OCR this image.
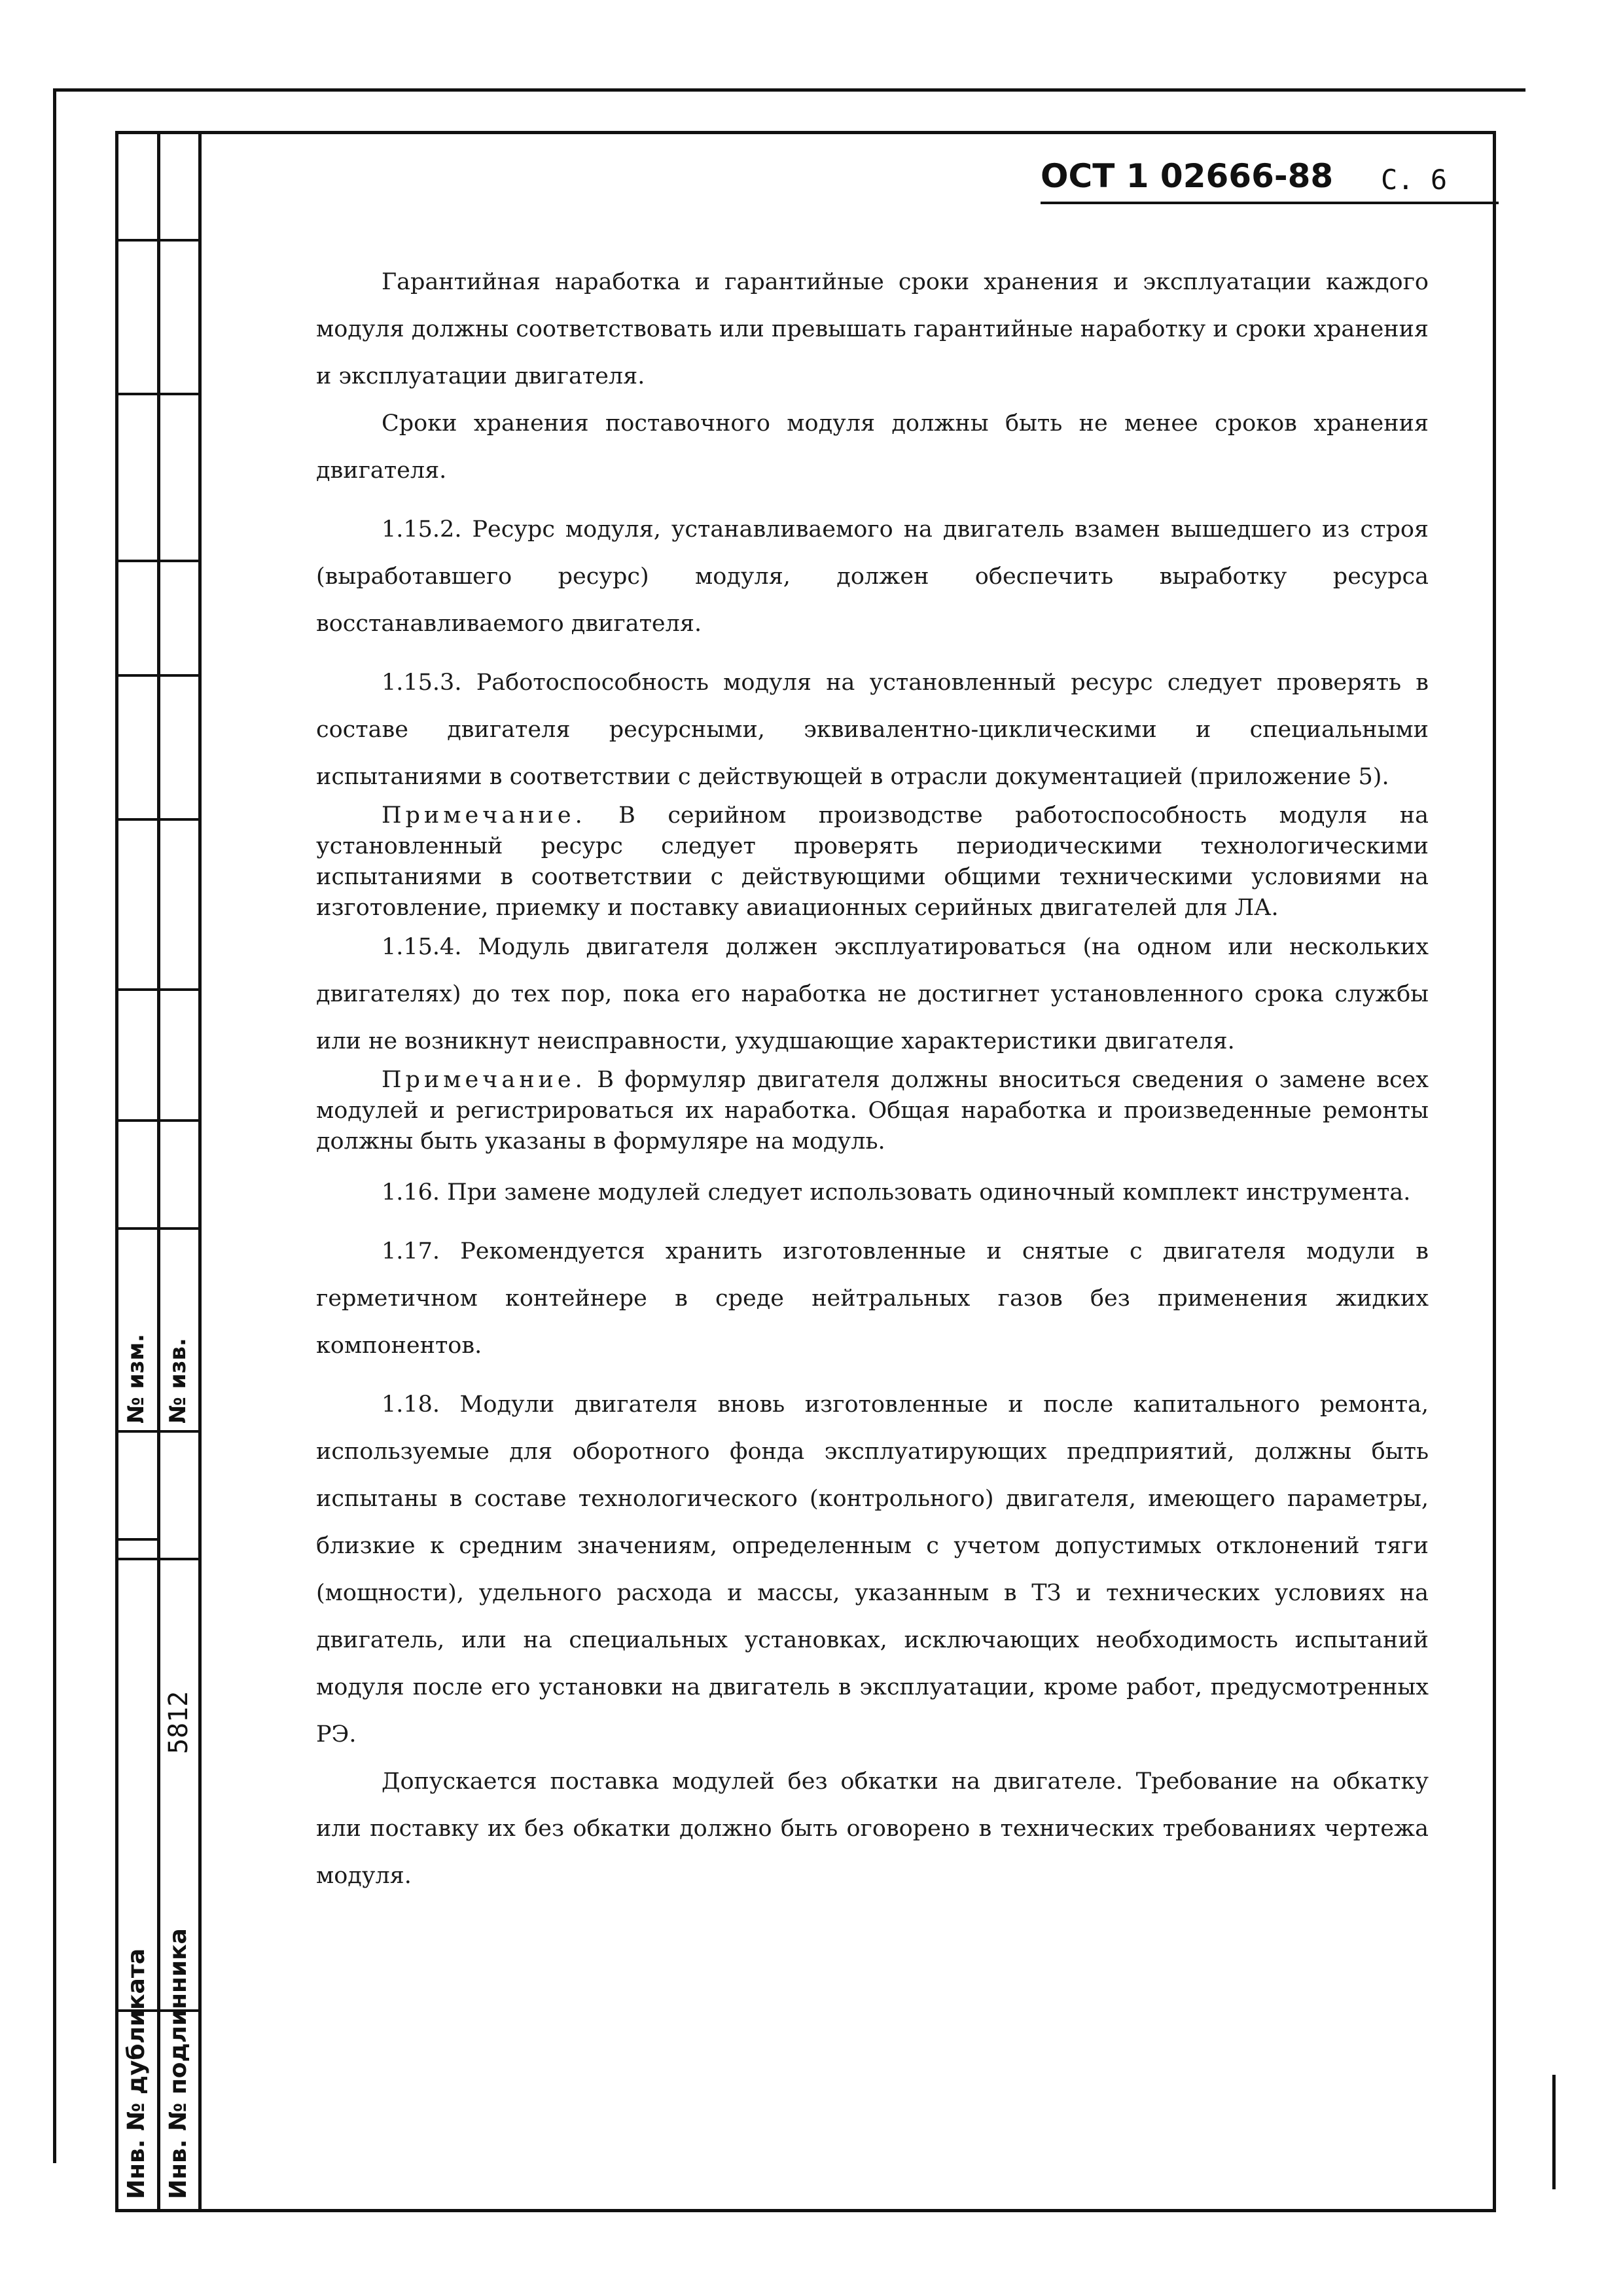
№ изм. № изв.
5812
Инв. № дубликата Инв. № подлинника
ОСТ 1 02666-88 С. 6

Гарантийная наработка и гарантийные сроки хранения и эксплуатации каждого модуля должны соответствовать или превышать гарантийные наработку и сроки хранения и эксплуатации двигателя.

Сроки хранения поставочного модуля должны быть не менее сроков хранения двигателя.

1.15.2. Ресурс модуля, устанавливаемого на двигатель взамен вышедшего из строя (выработавшего ресурс) модуля, должен обеспечить выработку ресурса восстанавливаемого двигателя.

1.15.3. Работоспособность модуля на установленный ресурс следует проверять в составе двигателя ресурсными, эквивалентно-циклическими и специальными испытаниями в соответствии с действующей в отрасли документацией (приложение 5).

Примечание. В серийном производстве работоспособность модуля на установленный ресурс следует проверять периодическими технологическими испытаниями в соответствии с действующими общими техническими условиями на изготовление, приемку и поставку авиационных серийных двигателей для ЛА.

1.15.4. Модуль двигателя должен эксплуатироваться (на одном или нескольких двигателях) до тех пор, пока его наработка не достигнет установленного срока службы или не возникнут неисправности, ухудшающие характеристики двигателя.

Примечание. В формуляр двигателя должны вноситься сведения о замене всех модулей и регистрироваться их наработка. Общая наработка и произведенные ремонты должны быть указаны в формуляре на модуль.

1.16. При замене модулей следует использовать одиночный комплект инструмента.

1.17. Рекомендуется хранить изготовленные и снятые с двигателя модули в герметичном контейнере в среде нейтральных газов без применения жидких компонентов.

1.18. Модули двигателя вновь изготовленные и после капитального ремонта, используемые для оборотного фонда эксплуатирующих предприятий, должны быть испытаны в составе технологического (контрольного) двигателя, имеющего параметры, близкие к средним значениям, определенным с учетом допустимых отклонений тяги (мощности), удельного расхода и массы, указанным в ТЗ и технических условиях на двигатель, или на специальных установках, исключающих необходимость испытаний модуля после его установки на двигатель в эксплуатации, кроме работ, предусмотренных РЭ.

Допускается поставка модулей без обкатки на двигателе. Требование на обкатку или поставку их без обкатки должно быть оговорено в технических требованиях чертежа модуля.
